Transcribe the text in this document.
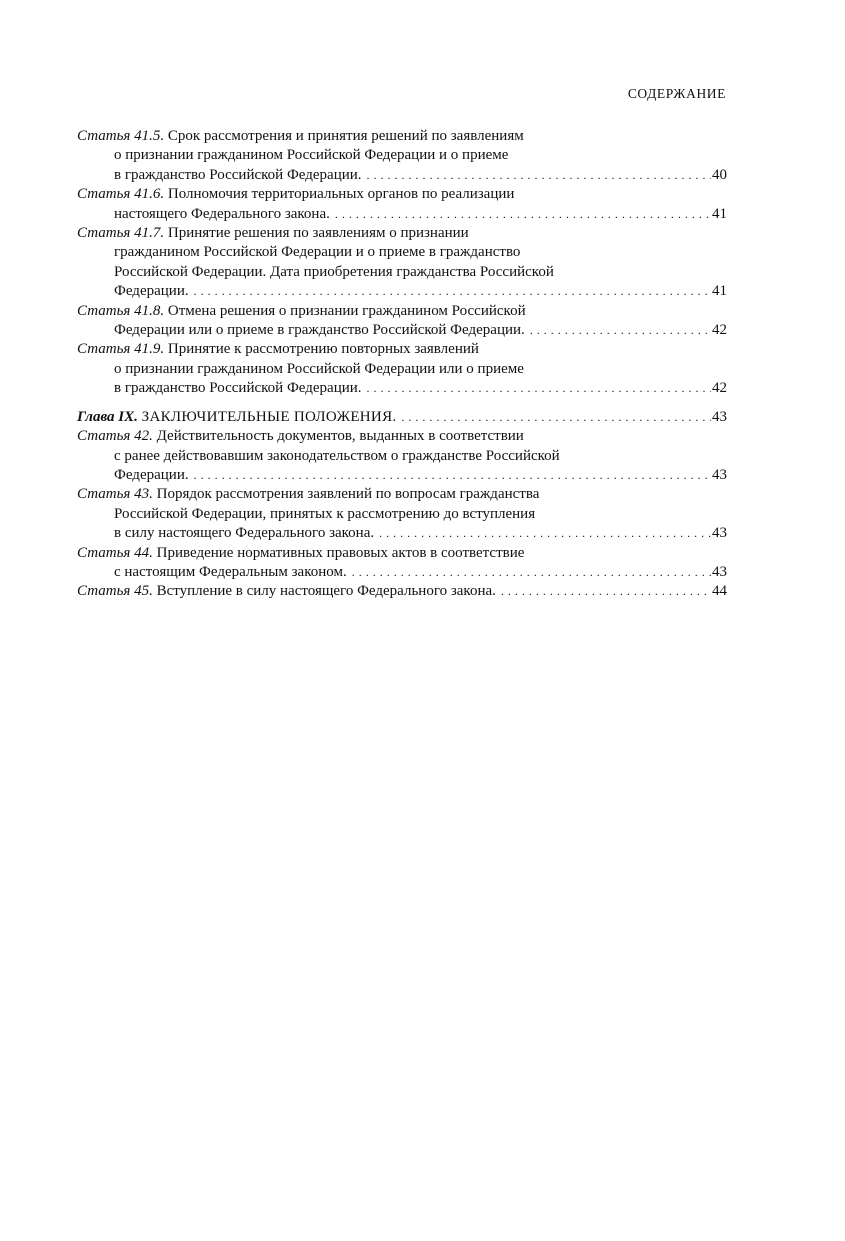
СОДЕРЖАНИЕ
Статья 41.5. Срок рассмотрения и принятия решений по заявлениям
о признании гражданином Российской Федерации и о приеме
в гражданство Российской Федерации. . . .	40
Статья 41.6. Полномочия территориальных органов по реализации
настоящего Федерального закона. . . .	41
Статья 41.7. Принятие решения по заявлениям о признании
гражданином Российской Федерации и о приеме в гражданство
Российской Федерации. Дата приобретения гражданства Российской
Федерации. . . .	41
Статья 41.8. Отмена решения о признании гражданином Российской
Федерации или о приеме в гражданство Российской Федерации. . . .	42
Статья 41.9. Принятие к рассмотрению повторных заявлений
о признании гражданином Российской Федерации или о приеме
в гражданство Российской Федерации. . . .	42
Глава IX. ЗАКЛЮЧИТЕЛЬНЫЕ ПОЛОЖЕНИЯ. . . .	43
Статья 42. Действительность документов, выданных в соответствии
с ранее действовавшим законодательством о гражданстве Российской
Федерации. . . .	43
Статья 43. Порядок рассмотрения заявлений по вопросам гражданства
Российской Федерации, принятых к рассмотрению до вступления
в силу настоящего Федерального закона. . . .	43
Статья 44. Приведение нормативных правовых актов в соответствие
с настоящим Федеральным законом. . . .	43
Статья 45. Вступление в силу настоящего Федерального закона. . . .	44
